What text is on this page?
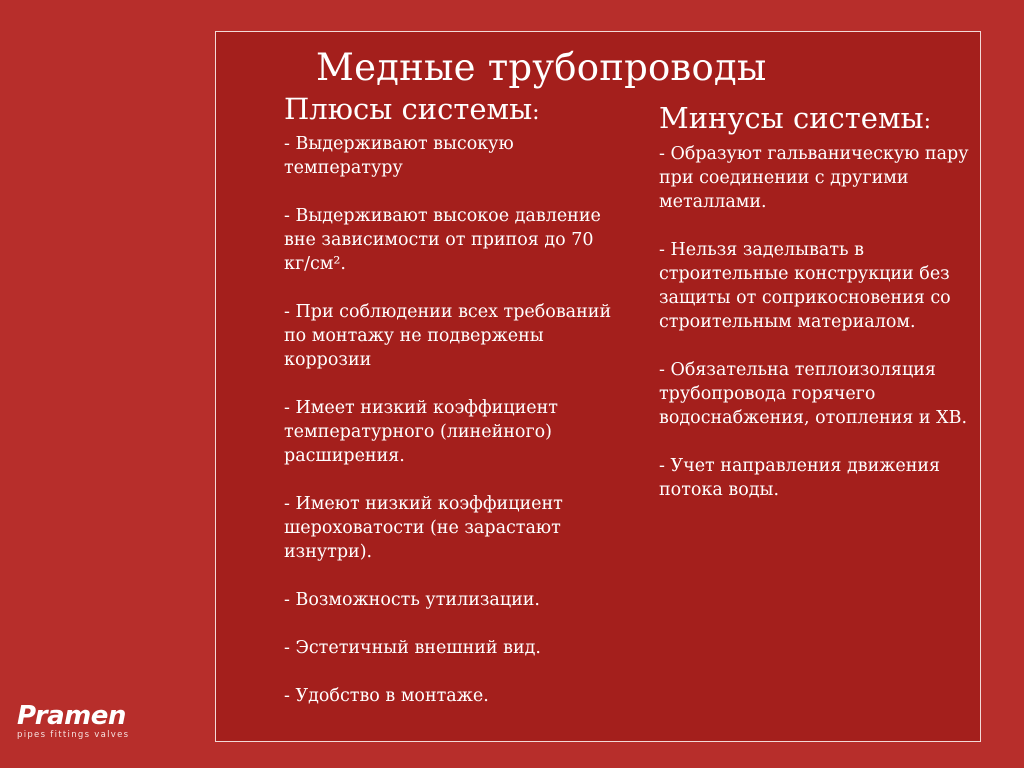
Медные трубопроводы
Плюсы системы:
- Выдерживают высокую температуру
- Выдерживают высокое давление вне зависимости от припоя до 70 кг/см².
- При соблюдении всех требований по монтажу не подвержены коррозии
- Имеет низкий коэффициент температурного (линейного) расширения.
- Имеют низкий коэффициент шероховатости (не зарастают изнутри).
- Возможность утилизации.
- Эстетичный внешний вид.
- Удобство в монтаже.
Минусы системы:
- Образуют гальваническую пару при соединении с другими металлами.
- Нельзя заделывать в строительные конструкции без защиты от соприкосновения со строительным материалом.
- Обязательна теплоизоляция трубопровода горячего водоснабжения, отопления и ХВ.
- Учет направления движения потока воды.
Pramen
pipes fittings valves
